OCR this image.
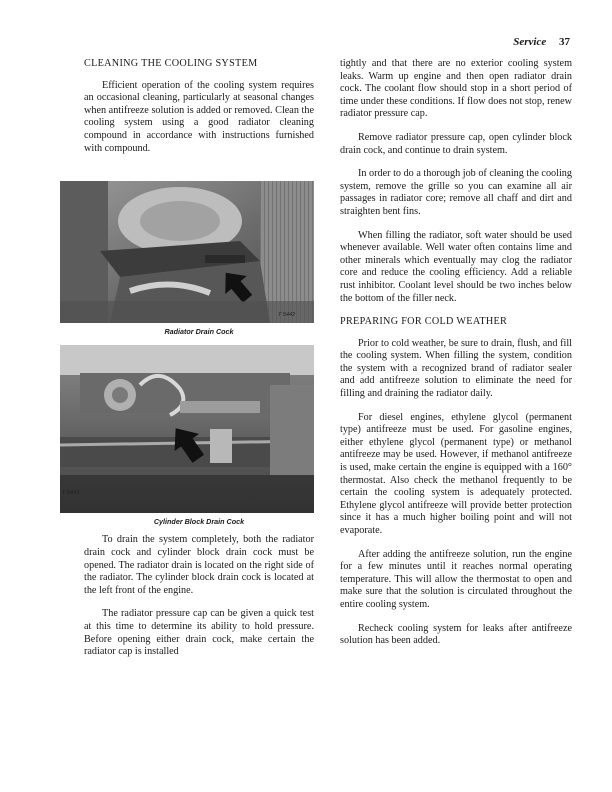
Service 37

CLEANING THE COOLING SYSTEM

Efficient operation of the cooling system requires an occasional cleaning, particularly at seasonal changes when antifreeze solution is added or removed. Clean the cooling system using a good radiator cleaning compound in accordance with instructions furnished with compound.

T 5442

Radiator Drain Cock

T 5443

Cylinder Block Drain Cock

To drain the system completely, both the radiator drain cock and cylinder block drain cock must be opened. The radiator drain is located on the right side of the radiator. The cylinder block drain cock is located at the left front of the engine.

The radiator pressure cap can be given a quick test at this time to determine its ability to hold pressure. Before opening either drain cock, make certain the radiator cap is installed

tightly and that there are no exterior cooling system leaks. Warm up engine and then open radiator drain cock. The coolant flow should stop in a short period of time under these conditions. If flow does not stop, renew radiator pressure cap.

Remove radiator pressure cap, open cylinder block drain cock, and continue to drain system.

In order to do a thorough job of cleaning the cooling system, remove the grille so you can examine all air passages in radiator core; remove all chaff and dirt and straighten bent fins.

When filling the radiator, soft water should be used whenever available. Well water often contains lime and other minerals which eventually may clog the radiator core and reduce the cooling efficiency. Add a reliable rust inhibitor. Coolant level should be two inches below the bottom of the filler neck.

PREPARING FOR COLD WEATHER

Prior to cold weather, be sure to drain, flush, and fill the cooling system. When filling the system, condition the system with a recognized brand of radiator sealer and add antifreeze solution to eliminate the need for filling and draining the radiator daily.

For diesel engines, ethylene glycol (permanent type) antifreeze must be used. For gasoline engines, either ethylene glycol (permanent type) or methanol antifreeze may be used. However, if methanol antifreeze is used, make certain the engine is equipped with a 160° thermostat. Also check the methanol frequently to be certain the cooling system is adequately protected. Ethylene glycol antifreeze will provide better protection since it has a much higher boiling point and will not evaporate.

After adding the antifreeze solution, run the engine for a few minutes until it reaches normal operating temperature. This will allow the thermostat to open and make sure that the solution is circulated throughout the entire cooling system.

Recheck cooling system for leaks after antifreeze solution has been added.
